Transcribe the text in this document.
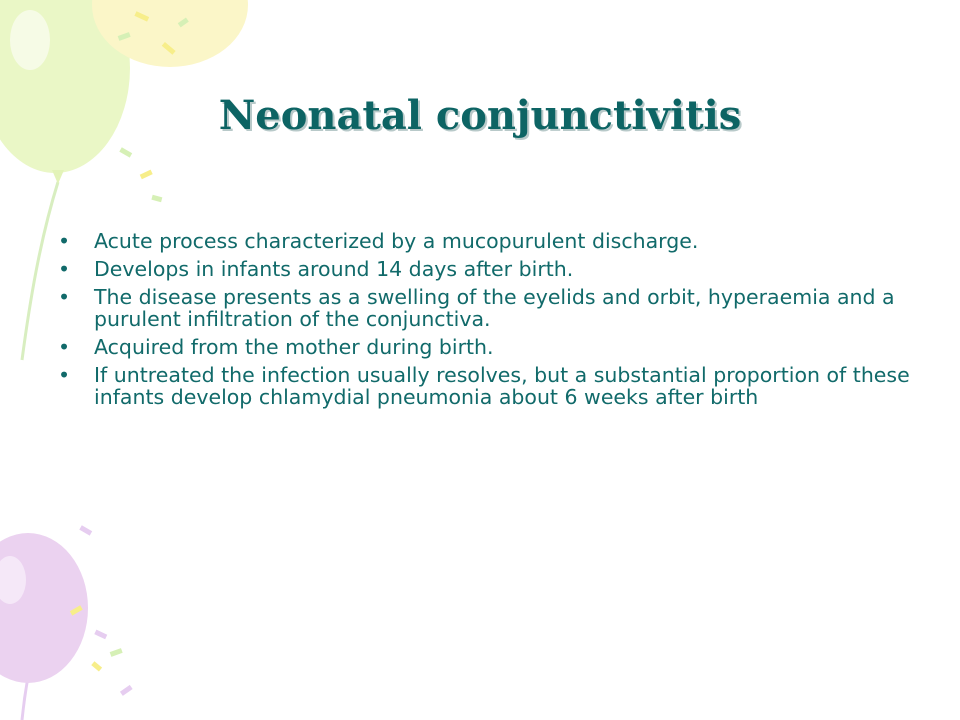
Neonatal conjunctivitis
• Acute process characterized by a mucopurulent discharge.
• Develops in infants around 14 days after birth.
• The disease presents as a swelling of the eyelids and orbit, hyperaemia and a purulent infiltration of the conjunctiva.
• Acquired from the mother during birth.
• If untreated the infection usually resolves, but a substantial proportion of these infants develop chlamydial pneumonia about 6 weeks after birth
